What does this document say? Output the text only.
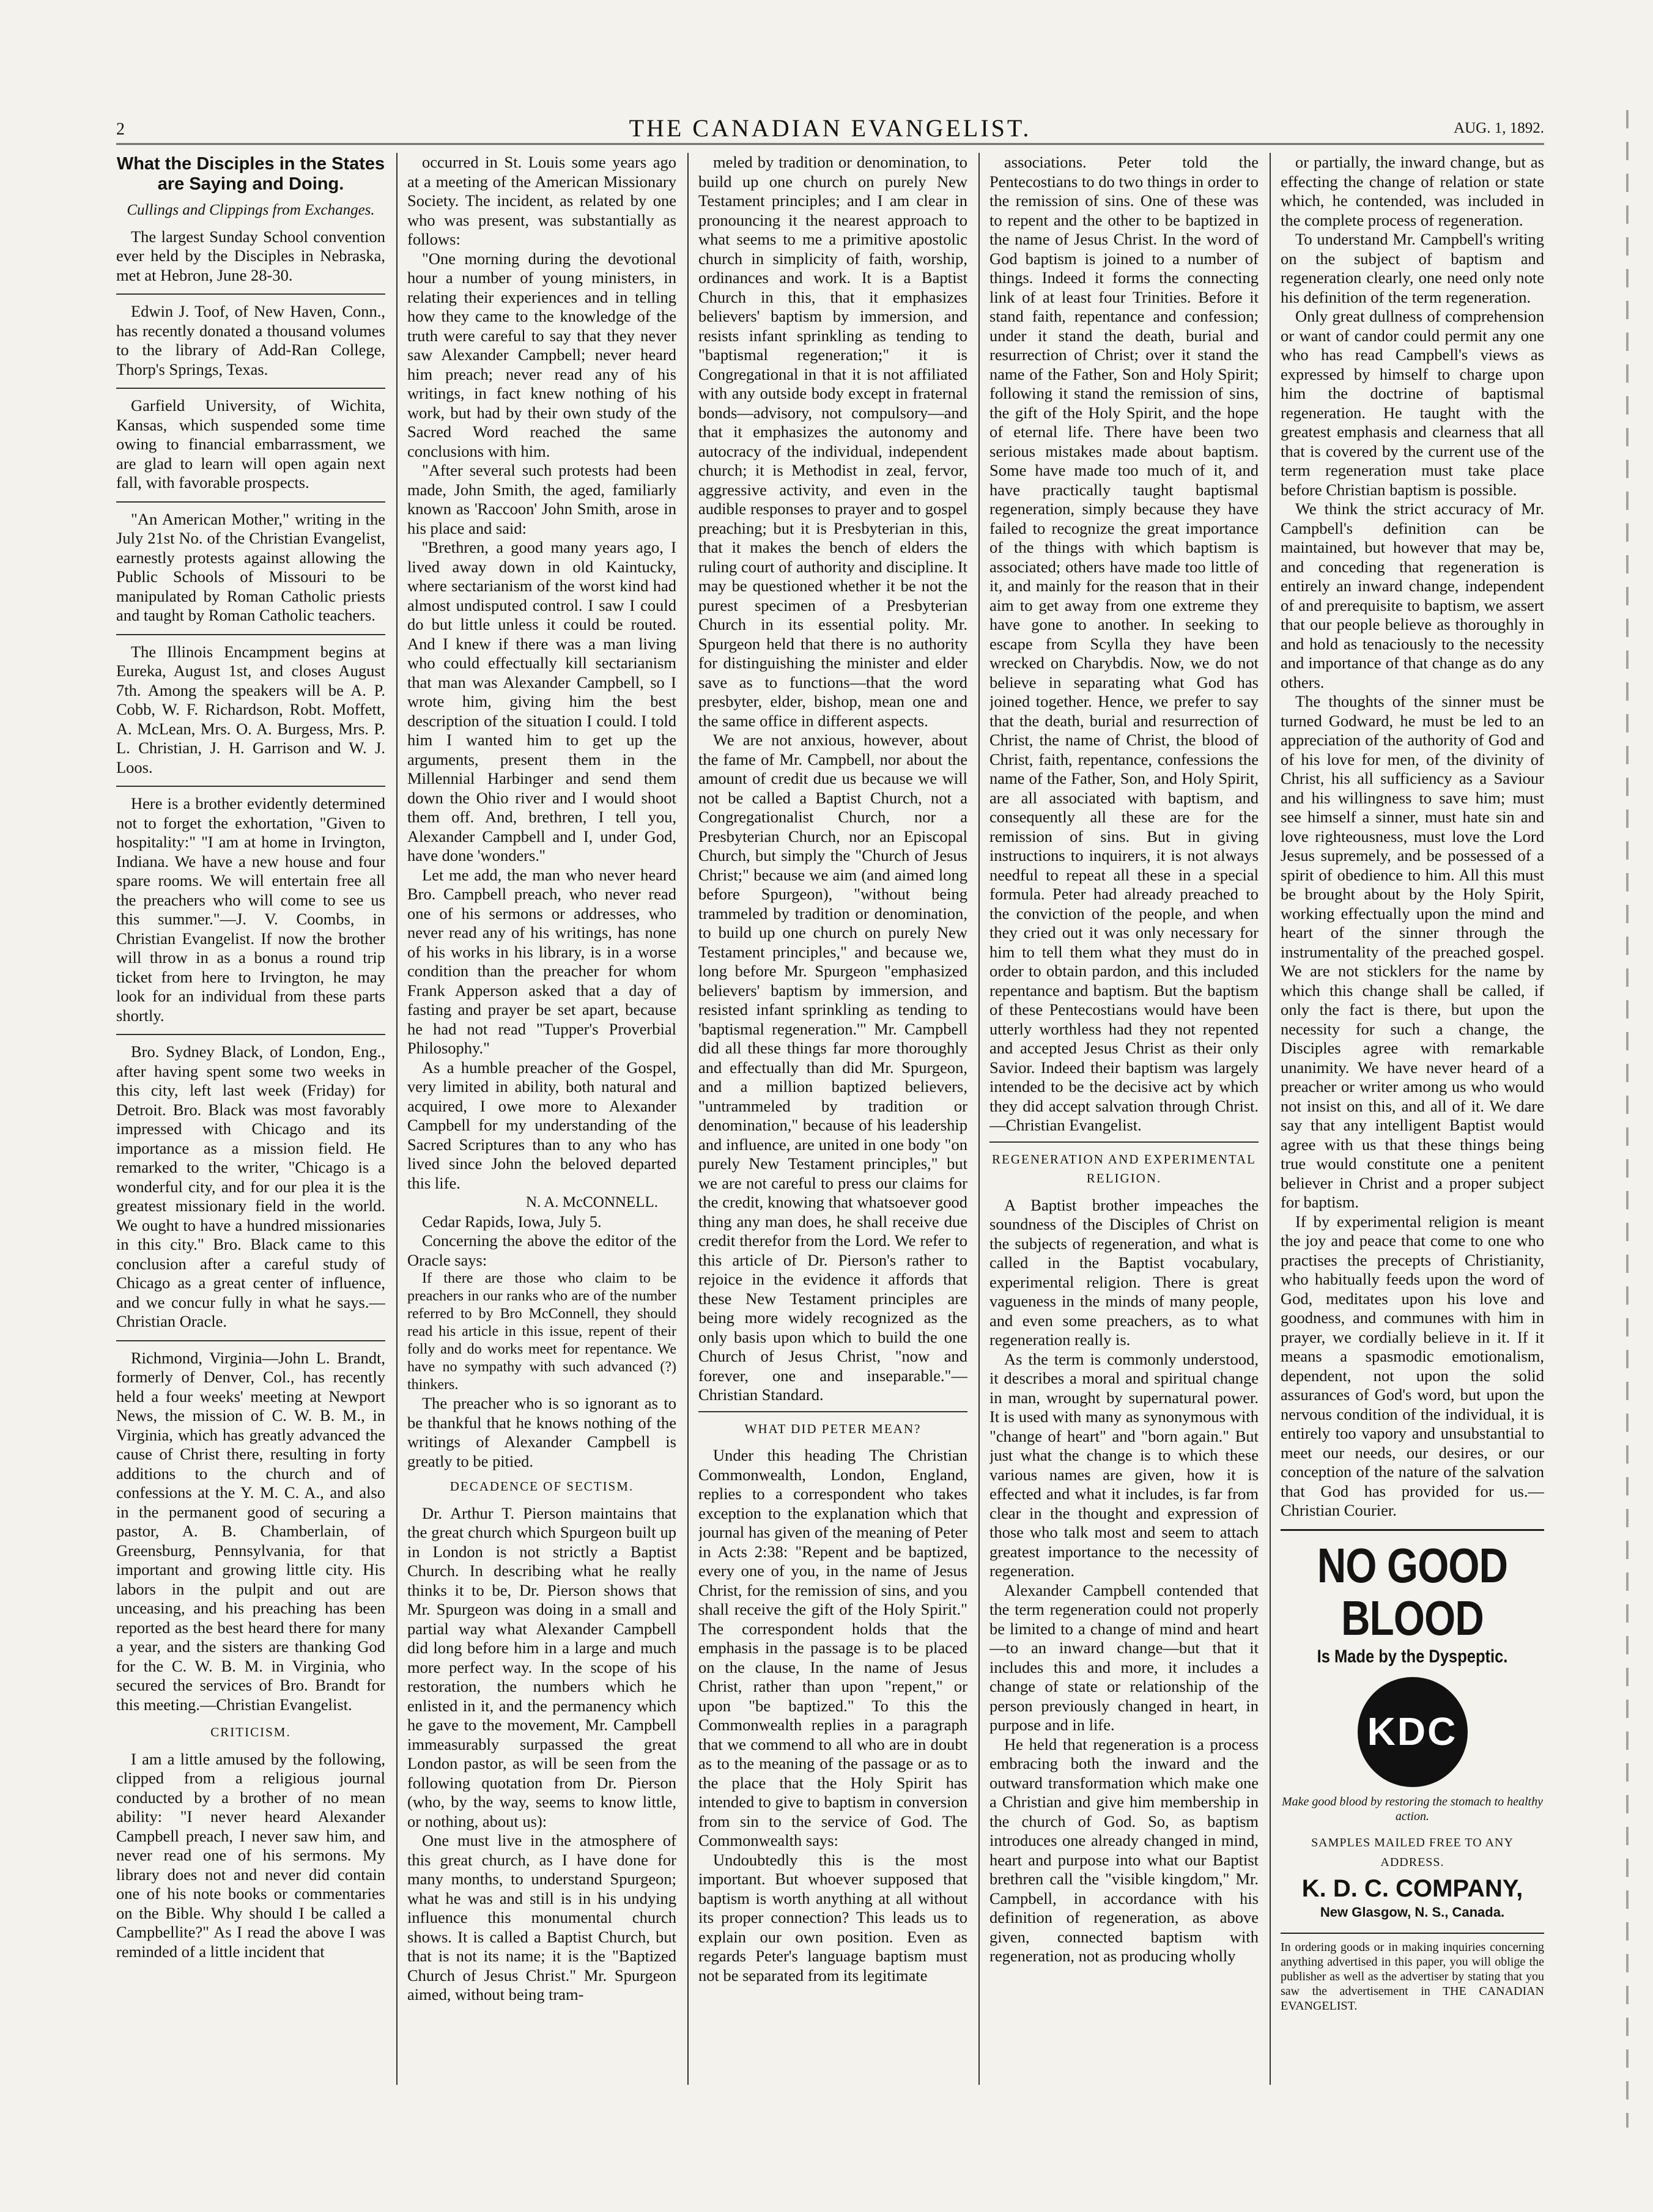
2	THE CANADIAN EVANGELIST.	AUG. 1, 1892.
What the Disciples in the States are Saying and Doing.
Cullings and Clippings from Exchanges.

The largest Sunday School convention ever held by the Disciples in Nebraska, met at Hebron, June 28-30.

Edwin J. Toof, of New Haven, Conn., has recently donated a thousand volumes to the library of Add-Ran College, Thorp's Springs, Texas.

Garfield University, of Wichita, Kansas, which suspended some time owing to financial embarrassment, we are glad to learn will open again next fall, with favorable prospects.

"An American Mother," writing in the July 21st No. of the Christian Evangelist, earnestly protests against allowing the Public Schools of Missouri to be manipulated by Roman Catholic priests and taught by Roman Catholic teachers.

The Illinois Encampment begins at Eureka, August 1st, and closes August 7th. Among the speakers will be A. P. Cobb, W. F. Richardson, Robt. Moffett, A. McLean, Mrs. O. A. Burgess, Mrs. P. L. Christian, J. H. Garrison and W. J. Loos.

Here is a brother evidently determined not to forget the exhortation, "Given to hospitality:" "I am at home in Irvington, Indiana. We have a new house and four spare rooms. We will entertain free all the preachers who will come to see us this summer."—J. V. Coombs, in Christian Evangelist. If now the brother will throw in as a bonus a round trip ticket from here to Irvington, he may look for an individual from these parts shortly.

Bro. Sydney Black, of London, Eng., after having spent some two weeks in this city, left last week (Friday) for Detroit. Bro. Black was most favorably impressed with Chicago and its importance as a mission field. He remarked to the writer, "Chicago is a wonderful city, and for our plea it is the greatest missionary field in the world. We ought to have a hundred missionaries in this city." Bro. Black came to this conclusion after a careful study of Chicago as a great center of influence, and we concur fully in what he says.—Christian Oracle.

Richmond, Virginia—John L. Brandt, formerly of Denver, Col., has recently held a four weeks' meeting at Newport News, the mission of C. W. B. M., in Virginia, which has greatly advanced the cause of Christ there, resulting in forty additions to the church and of confessions at the Y. M. C. A., and also in the permanent good of securing a pastor, A. B. Chamberlain, of Greensburg, Pennsylvania, for that important and growing little city. His labors in the pulpit and out are unceasing, and his preaching has been reported as the best heard there for many a year, and the sisters are thanking God for the C. W. B. M. in Virginia, who secured the services of Bro. Brandt for this meeting.—Christian Evangelist.

CRITICISM.

I am a little amused by the following, clipped from a religious journal conducted by a brother of no mean ability: "I never heard Alexander Campbell preach, I never saw him, and never read one of his sermons. My library does not and never did contain one of his note books or commentaries on the Bible. Why should I be called a Campbellite?" As I read the above I was reminded of a little incident that

occurred in St. Louis some years ago at a meeting of the American Missionary Society. The incident, as related by one who was present, was substantially as follows:

"One morning during the devotional hour a number of young ministers, in relating their experiences and in telling how they came to the knowledge of the truth were careful to say that they never saw Alexander Campbell; never heard him preach; never read any of his writings, in fact knew nothing of his work, but had by their own study of the Sacred Word reached the same conclusions with him.

"After several such protests had been made, John Smith, the aged, familiarly known as 'Raccoon' John Smith, arose in his place and said:

''Brethren, a good many years ago, I lived away down in old Kaintucky, where sectarianism of the worst kind had almost undisputed control. I saw I could do but little unless it could be routed. And I knew if there was a man living who could effectually kill sectarianism that man was Alexander Campbell, so I wrote him, giving him the best description of the situation I could. I told him I wanted him to get up the arguments, present them in the Millennial Harbinger and send them down the Ohio river and I would shoot them off. And, brethren, I tell you, Alexander Campbell and I, under God, have done 'wonders.''

Let me add, the man who never heard Bro. Campbell preach, who never read one of his sermons or addresses, who never read any of his writings, has none of his works in his library, is in a worse condition than the preacher for whom Frank Apperson asked that a day of fasting and prayer be set apart, because he had not read "Tupper's Proverbial Philosophy."

As a humble preacher of the Gospel, very limited in ability, both natural and acquired, I owe more to Alexander Campbell for my understanding of the Sacred Scriptures than to any who has lived since John the beloved departed this life.

N. A. McCONNELL.

Cedar Rapids, Iowa, July 5.

Concerning the above the editor of the Oracle says:

If there are those who claim to be preachers in our ranks who are of the number referred to by Bro McConnell, they should read his article in this issue, repent of their folly and do works meet for repentance. We have no sympathy with such advanced (?) thinkers.

The preacher who is so ignorant as to be thankful that he knows nothing of the writings of Alexander Campbell is greatly to be pitied.

DECADENCE OF SECTISM.

Dr. Arthur T. Pierson maintains that the great church which Spurgeon built up in London is not strictly a Baptist Church. In describing what he really thinks it to be, Dr. Pierson shows that Mr. Spurgeon was doing in a small and partial way what Alexander Campbell did long before him in a large and much more perfect way. In the scope of his restoration, the numbers which he enlisted in it, and the permanency which he gave to the movement, Mr. Campbell immeasurably surpassed the great London pastor, as will be seen from the following quotation from Dr. Pierson (who, by the way, seems to know little, or nothing, about us):

One must live in the atmosphere of this great church, as I have done for many months, to understand Spurgeon; what he was and still is in his undying influence this monumental church shows. It is called a Baptist Church, but that is not its name; it is the "Baptized Church of Jesus Christ." Mr. Spurgeon aimed, without being tram-

meled by tradition or denomination, to build up one church on purely New Testament principles; and I am clear in pronouncing it the nearest approach to what seems to me a primitive apostolic church in simplicity of faith, worship, ordinances and work. It is a Baptist Church in this, that it emphasizes believers' baptism by immersion, and resists infant sprinkling as tending to "baptismal regeneration;" it is Congregational in that it is not affiliated with any outside body except in fraternal bonds—advisory, not compulsory—and that it emphasizes the autonomy and autocracy of the individual, independent church; it is Methodist in zeal, fervor, aggressive activity, and even in the audible responses to prayer and to gospel preaching; but it is Presbyterian in this, that it makes the bench of elders the ruling court of authority and discipline. It may be questioned whether it be not the purest specimen of a Presbyterian Church in its essential polity. Mr. Spurgeon held that there is no authority for distinguishing the minister and elder save as to functions—that the word presbyter, elder, bishop, mean one and the same office in different aspects.

We are not anxious, however, about the fame of Mr. Campbell, nor about the amount of credit due us because we will not be called a Baptist Church, not a Congregationalist Church, nor a Presbyterian Church, nor an Episcopal Church, but simply the "Church of Jesus Christ;" because we aim (and aimed long before Spurgeon), "without being trammeled by tradition or denomination, to build up one church on purely New Testament principles," and because we, long before Mr. Spurgeon "emphasized believers' baptism by immersion, and resisted infant sprinkling as tending to 'baptismal regeneration.'" Mr. Campbell did all these things far more thoroughly and effectually than did Mr. Spurgeon, and a million baptized believers, "untrammeled by tradition or denomination," because of his leadership and influence, are united in one body "on purely New Testament principles," but we are not careful to press our claims for the credit, knowing that whatsoever good thing any man does, he shall receive due credit therefor from the Lord. We refer to this article of Dr. Pierson's rather to rejoice in the evidence it affords that these New Testament principles are being more widely recognized as the only basis upon which to build the one Church of Jesus Christ, "now and forever, one and inseparable."—Christian Standard.

WHAT DID PETER MEAN?

Under this heading The Christian Commonwealth, London, England, replies to a correspondent who takes exception to the explanation which that journal has given of the meaning of Peter in Acts 2:38: "Repent and be baptized, every one of you, in the name of Jesus Christ, for the remission of sins, and you shall receive the gift of the Holy Spirit." The correspondent holds that the emphasis in the passage is to be placed on the clause, In the name of Jesus Christ, rather than upon "repent," or upon "be baptized." To this the Commonwealth replies in a paragraph that we commend to all who are in doubt as to the meaning of the passage or as to the place that the Holy Spirit has intended to give to baptism in conversion from sin to the service of God. The Commonwealth says:

Undoubtedly this is the most important. But whoever supposed that baptism is worth anything at all without its proper connection? This leads us to explain our own position. Even as regards Peter's language baptism must not be separated from its legitimate

associations. Peter told the Pentecostians to do two things in order to the remission of sins. One of these was to repent and the other to be baptized in the name of Jesus Christ. In the word of God baptism is joined to a number of things. Indeed it forms the connecting link of at least four Trinities. Before it stand faith, repentance and confession; under it stand the death, burial and resurrection of Christ; over it stand the name of the Father, Son and Holy Spirit; following it stand the remission of sins, the gift of the Holy Spirit, and the hope of eternal life. There have been two serious mistakes made about baptism. Some have made too much of it, and have practically taught baptismal regeneration, simply because they have failed to recognize the great importance of the things with which baptism is associated; others have made too little of it, and mainly for the reason that in their aim to get away from one extreme they have gone to another. In seeking to escape from Scylla they have been wrecked on Charybdis. Now, we do not believe in separating what God has joined together. Hence, we prefer to say that the death, burial and resurrection of Christ, the name of Christ, the blood of Christ, faith, repentance, confessions the name of the Father, Son, and Holy Spirit, are all associated with baptism, and consequently all these are for the remission of sins. But in giving instructions to inquirers, it is not always needful to repeat all these in a special formula. Peter had already preached to the conviction of the people, and when they cried out it was only necessary for him to tell them what they must do in order to obtain pardon, and this included repentance and baptism. But the baptism of these Pentecostians would have been utterly worthless had they not repented and accepted Jesus Christ as their only Savior. Indeed their baptism was largely intended to be the decisive act by which they did accept salvation through Christ.—Christian Evangelist.

REGENERATION AND EXPERIMENTAL RELIGION.

A Baptist brother impeaches the soundness of the Disciples of Christ on the subjects of regeneration, and what is called in the Baptist vocabulary, experimental religion. There is great vagueness in the minds of many people, and even some preachers, as to what regeneration really is.

As the term is commonly understood, it describes a moral and spiritual change in man, wrought by supernatural power. It is used with many as synonymous with "change of heart" and "born again." But just what the change is to which these various names are given, how it is effected and what it includes, is far from clear in the thought and expression of those who talk most and seem to attach greatest importance to the necessity of regeneration.

Alexander Campbell contended that the term regeneration could not properly be limited to a change of mind and heart—to an inward change—but that it includes this and more, it includes a change of state or relationship of the person previously changed in heart, in purpose and in life.

He held that regeneration is a process embracing both the inward and the outward transformation which make one a Christian and give him membership in the church of God. So, as baptism introduces one already changed in mind, heart and purpose into what our Baptist brethren call the "visible kingdom," Mr. Campbell, in accordance with his definition of regeneration, as above given, connected baptism with regeneration, not as producing wholly

or partially, the inward change, but as effecting the change of relation or state which, he contended, was included in the complete process of regeneration.

To understand Mr. Campbell's writing on the subject of baptism and regeneration clearly, one need only note his definition of the term regeneration.

Only great dullness of comprehension or want of candor could permit any one who has read Campbell's views as expressed by himself to charge upon him the doctrine of baptismal regeneration. He taught with the greatest emphasis and clearness that all that is covered by the current use of the term regeneration must take place before Christian baptism is possible.

We think the strict accuracy of Mr. Campbell's definition can be maintained, but however that may be, and conceding that regeneration is entirely an inward change, independent of and prerequisite to baptism, we assert that our people believe as thoroughly in and hold as tenaciously to the necessity and importance of that change as do any others.

The thoughts of the sinner must be turned Godward, he must be led to an appreciation of the authority of God and of his love for men, of the divinity of Christ, his all sufficiency as a Saviour and his willingness to save him; must see himself a sinner, must hate sin and love righteousness, must love the Lord Jesus supremely, and be possessed of a spirit of obedience to him. All this must be brought about by the Holy Spirit, working effectually upon the mind and heart of the sinner through the instrumentality of the preached gospel. We are not sticklers for the name by which this change shall be called, if only the fact is there, but upon the necessity for such a change, the Disciples agree with remarkable unanimity. We have never heard of a preacher or writer among us who would not insist on this, and all of it. We dare say that any intelligent Baptist would agree with us that these things being true would constitute one a penitent believer in Christ and a proper subject for baptism.

If by experimental religion is meant the joy and peace that come to one who practises the precepts of Christianity, who habitually feeds upon the word of God, meditates upon his love and goodness, and communes with him in prayer, we cordially believe in it. If it means a spasmodic emotionalism, dependent, not upon the solid assurances of God's word, but upon the nervous condition of the individual, it is entirely too vapory and unsubstantial to meet our needs, our desires, or our conception of the nature of the salvation that God has provided for us.—Christian Courier.

NO GOOD BLOOD
Is Made by the Dyspeptic.
KDC
Make good blood by restoring the stomach to healthy action.
SAMPLES MAILED FREE TO ANY ADDRESS.
K. D. C. COMPANY,
New Glasgow, N. S., Canada.
In ordering goods or in making inquiries concerning anything advertised in this paper, you will oblige the publisher as well as the advertiser by stating that you saw the advertisement in THE CANADIAN EVANGELIST.
